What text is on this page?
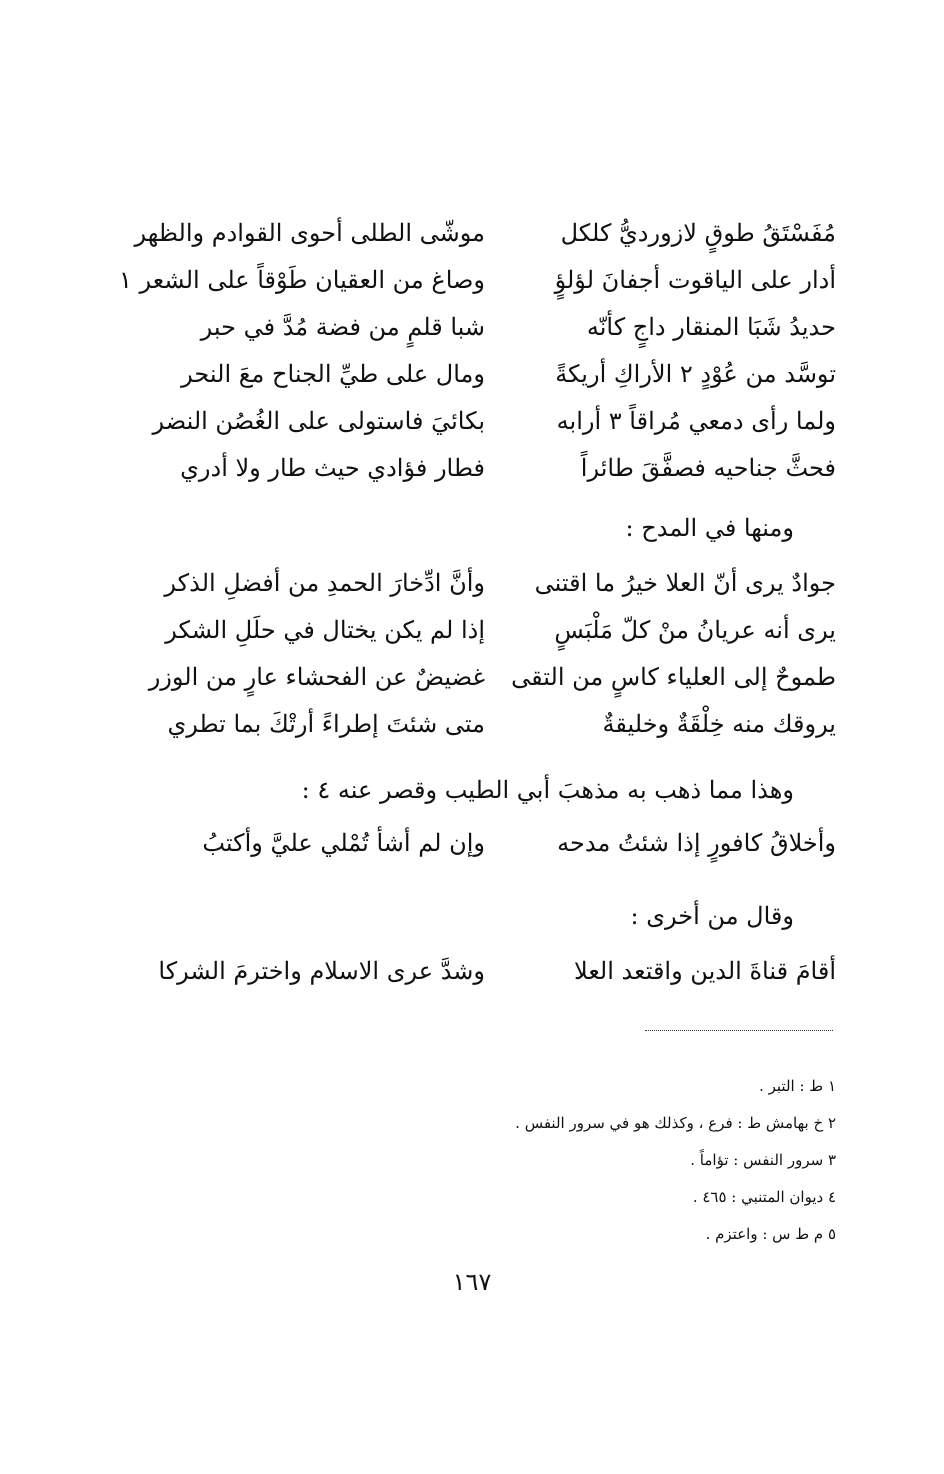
مُفَسْتَقُ طوقٍ لازورديُّ كلكل
موشّى الطلى أحوى القوادم والظهر
أدار على الياقوت أجفانَ لؤلؤٍ
وصاغ من العقيان طَوْقاً على الشعر ١
حديدُ شَبَا المنقار داجٍ كأنّه
شبا قلمٍ من فضة مُدَّ في حبر
توسَّد من عُوْدٍ ٢ الأراكِ أريكةً
ومال على طيِّ الجناح معَ النحر
ولما رأى دمعي مُراقاً ٣ أرابه
بكائيَ فاستولى على الغُصُن النضر
فحثَّ جناحيه فصفَّقَ طائراً
فطار فؤادي حيث طار ولا أدري
ومنها في المدح :
جوادٌ يرى أنّ العلا خيرُ ما اقتنى
وأنَّ ادِّخارَ الحمدِ من أفضلِ الذكر
يرى أنه عريانُ منْ كلّ مَلْبَسٍ
إذا لم يكن يختال في حلَلِ الشكر
طموحٌ إلى العلياء كاسٍ من التقى
غضيضٌ عن الفحشاء عارٍ من الوزر
يروقك منه خِلْقَةٌ وخليقةٌ
متى شئتَ إطراءً أرتْكَ بما تطري
وهذا مما ذهب به مذهبَ أبي الطيب وقصر عنه ٤ :
وأخلاقُ كافورٍ إذا شئتُ مدحه
وإن لم أشأ تُمْلي عليَّ وأكتبُ
وقال من أخرى :
أقامَ قناةَ الدين واقتعد العلا
وشدَّ عرى الاسلام واخترمَ الشركا
١ ط : التبر .
٢ خ بهامش ط : فرع ، وكذلك هو في سرور النفس .
٣ سرور النفس : تؤاماً .
٤ ديوان المتنبي : ٤٦٥ .
٥ م ط س : واعتزم .
١٦٧
